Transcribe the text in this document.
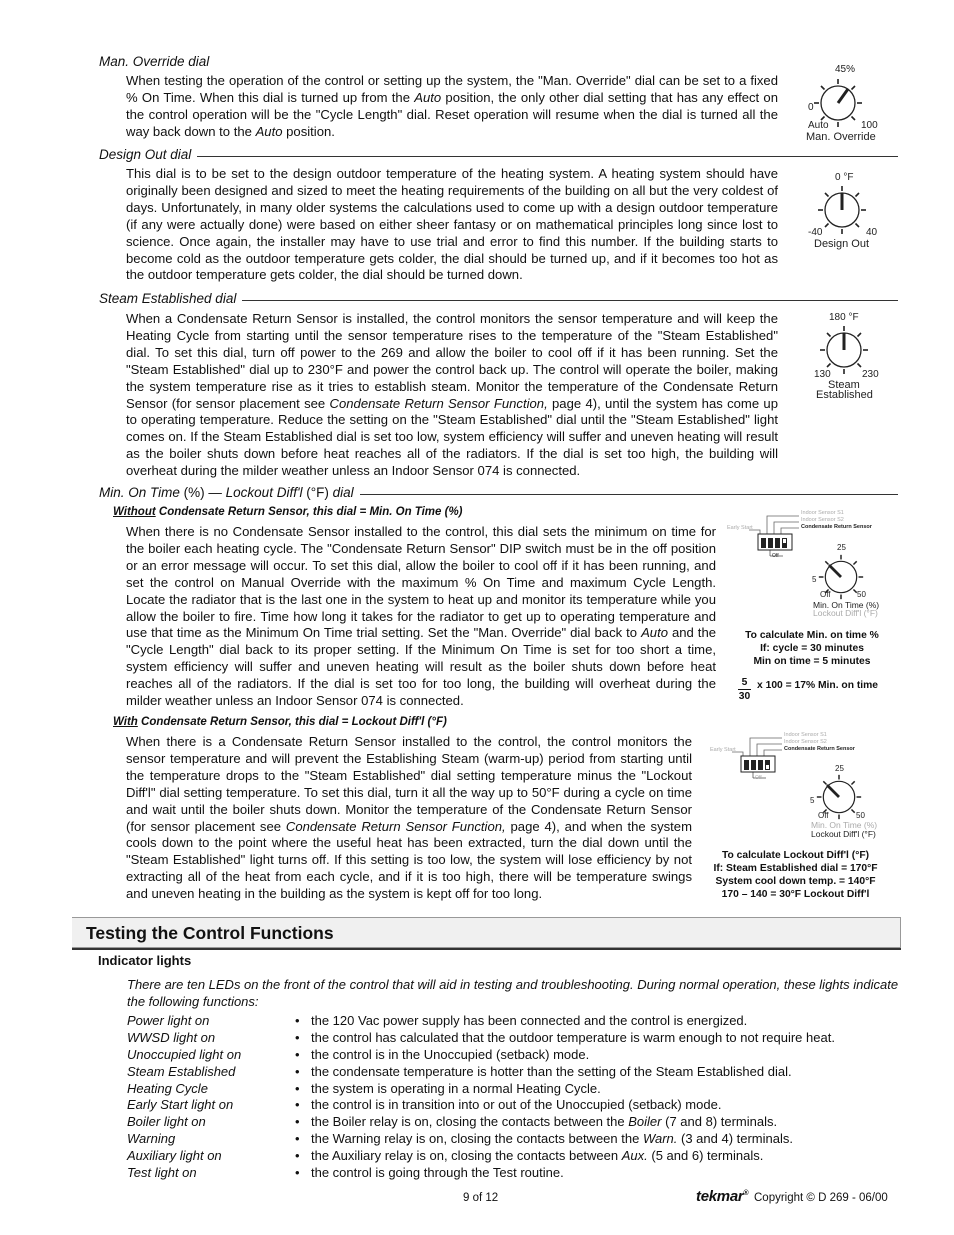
Man. Override dial
When testing the operation of the control or setting up the system, the "Man. Override" dial can be set to a fixed % On Time. When this dial is turned up from the Auto position, the only other dial setting that has any effect on the control operation will be the "Cycle Length" dial. Reset operation will resume when the dial is turned all the way back down to the Auto position.
45%
0
Auto	100
Man. Override
Design Out dial
This dial is to be set to the design outdoor temperature of the heating system. A heating system should have originally been designed and sized to meet the heating requirements of the building on all but the very coldest of days. Unfortunately, in many older systems the calculations used to come up with a design outdoor temperature (if any were actually done) were based on either sheer fantasy or on mathematical principles long since lost to science. Once again, the installer may have to use trial and error to find this number. If the building starts to become cold as the outdoor temperature gets colder, the dial should be turned up, and if it becomes too hot as the outdoor temperature gets colder, the dial should be turned down.
0 °F
-40	40
Design Out
Steam Established dial
When a Condensate Return Sensor is installed, the control monitors the sensor temperature and will keep the Heating Cycle from starting until the sensor temperature rises to the temperature of the "Steam Established" dial. To set this dial, turn off power to the 269 and allow the boiler to cool off if it has been running. Set the "Steam Established" dial up to 230°F and power the control back up. The control will operate the boiler, making the system temperature rise as it tries to establish steam. Monitor the temperature of the Condensate Return Sensor (for sensor placement see Condensate Return Sensor Function, page 4), until the system has come up to operating temperature. Reduce the setting on the "Steam Established" dial until the "Steam Established" light comes on. If the Steam Established dial is set too low, system efficiency will suffer and uneven heating will result as the boiler shuts down before heat reaches all of the radiators. If the dial is set too high, the building will overheat during the milder weather unless an Indoor Sensor 074 is connected.
180 °F
130	230
Steam
Established
Min. On Time (%) — Lockout Diff'l (°F) dial
Without Condensate Return Sensor, this dial = Min. On Time (%)
When there is no Condensate Sensor installed to the control, this dial sets the minimum on time for the boiler each heating cycle. The "Condensate Return Sensor" DIP switch must be in the off position or an error message will occur. To set this dial, allow the boiler to cool off if it has been running, and set the control on Manual Override with the maximum % On Time and maximum Cycle Length. Locate the radiator that is the last one in the system to heat up and monitor its temperature while you allow the boiler to fire. Time how long it takes for the radiator to get up to operating temperature and use that time as the Minimum On Time trial setting. Set the "Man. Override" dial back to Auto and the "Cycle Length" dial back to its proper setting. If the Minimum On Time is set for too short a time, system efficiency will suffer and uneven heating will result as the boiler shuts down before heat reaches all of the radiators. If the dial is set too for too long, the building will overheat during the milder weather unless an Indoor Sensor 074 is connected.
Early Start
Indoor Sensor S1
Indoor Sensor S2
Condensate Return Sensor
Off
25
5
Off	50
Min. On Time (%)
Lockout Diff'l (°F)
To calculate Min. on time %
If: cycle = 30 minutes
Min on time = 5 minutes
$\frac{5}{30}$ x 100 = 17% Min. on time
With Condensate Return Sensor, this dial = Lockout Diff'l (°F)
When there is a Condensate Return Sensor installed to the control, the control monitors the sensor temperature and will prevent the Establishing Steam (warm-up) period from starting until the temperature drops to the "Steam Established" dial setting temperature minus the "Lockout Diff'l" dial setting temperature. To set this dial, turn it all the way up to 50°F during a cycle on time and wait until the boiler shuts down. Monitor the temperature of the Condensate Return Sensor (for sensor placement see Condensate Return Sensor Function, page 4), and when the system cools down to the point where the useful heat has been extracted, turn the dial down until the "Steam Established" light turns off. If this setting is too low, the system will lose efficiency by not extracting all of the heat from each cycle, and if it is too high, there will be temperature swings and uneven heating in the building as the system is kept off for too long.
Early Start
Indoor Sensor S1
Indoor Sensor S2
Condensate Return Sensor
Off
25
5
Off	50
Min. On Time (%)
Lockout Diff'l (°F)
To calculate Lockout Diff'l (°F)
If: Steam Established dial = 170°F
System cool down temp. = 140°F
170 – 140 = 30°F Lockout Diff'l
Testing the Control Functions
Indicator lights
There are ten LEDs on the front of the control that will aid in testing and troubleshooting. During normal operation, these lights indicate the following functions:
Power light on	• the 120 Vac power supply has been connected and the control is energized.
WWSD light on	• the control has calculated that the outdoor temperature is warm enough to not require heat.
Unoccupied light on	• the control is in the Unoccupied (setback) mode.
Steam Established	• the condensate temperature is hotter than the setting of the Steam Established dial.
Heating Cycle	• the system is operating in a normal Heating Cycle.
Early Start light on	• the control is in transition into or out of the Unoccupied (setback) mode.
Boiler light on	• the Boiler relay is on, closing the contacts between the Boiler (7 and 8) terminals.
Warning	• the Warning relay is on, closing the contacts between the Warn. (3 and 4) terminals.
Auxiliary light on	• the Auxiliary relay is on, closing the contacts between Aux. (5 and 6) terminals.
Test light on	• the control is going through the Test routine.
9 of 12	tekmar® Copyright © D 269 - 06/00
